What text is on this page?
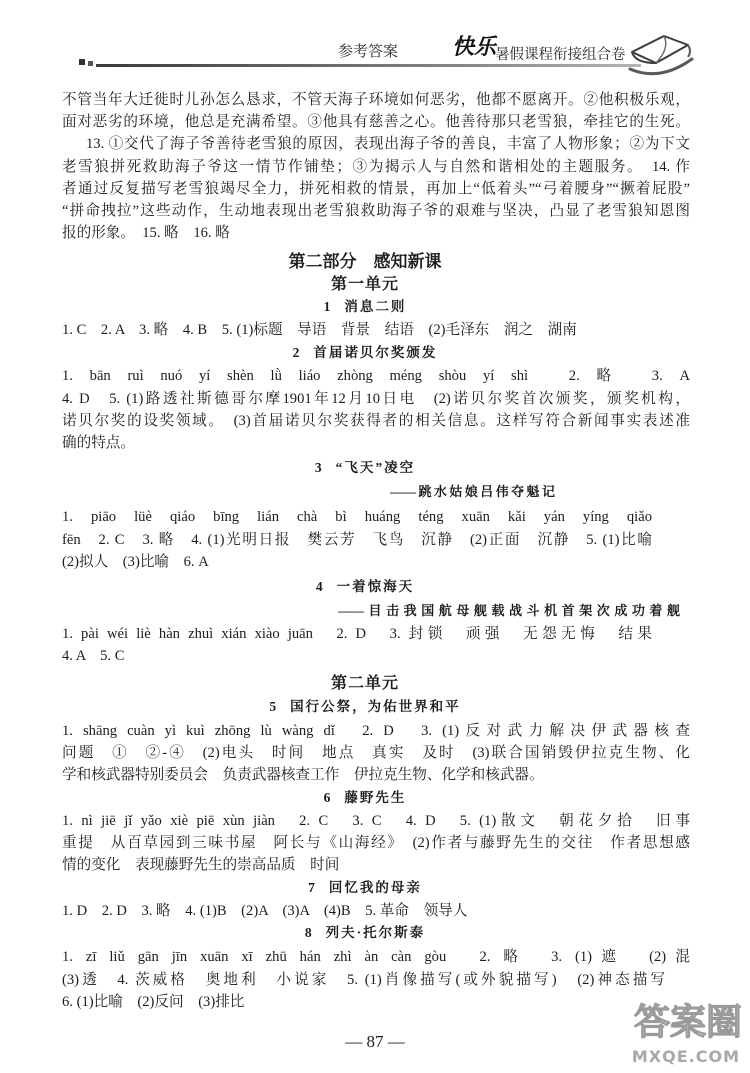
参考答案 快乐
暑假课程衔接组合卷
不管当年大迁徙时儿孙怎么恳求，不管天海子环境如何恶劣，他都不愿离开。②他积极乐观，
面对恶劣的环境，他总是充满希望。③他具有慈善之心。他善待那只老雪狼，牵挂它的生死。
13. ①交代了海子爷善待老雪狼的原因，表现出海子爷的善良，丰富了人物形象；②为下文
老雪狼拼死救助海子爷这一情节作铺垫；③为揭示人与自然和谐相处的主题服务。　14. 作
者通过反复描写老雪狼竭尽全力，拼死相救的情景，再加上“低着头”“弓着腰身”“撅着屁股”
“拼命拽拉”这些动作，生动地表现出老雪狼救助海子爷的艰难与坚决，凸显了老雪狼知恩图
报的形象。　15. 略　16. 略
第二部分　感知新课
第一单元
1 消息二则
1. C　2. A　3. 略　4. B　5. (1)标题　导语　背景　结语　(2)毛泽东　润之　湖南
2 首届诺贝尔奖颁发
1. bān ruì nuó yí shèn lǜ liáo zhòng méng shòu yí shì　2. 略　3. A
4. D　5. (1)路透社斯德哥尔摩1901年12月10日电　(2)诺贝尔奖首次颁奖，颁奖机构，
诺贝尔奖的设奖领域。　(3)首届诺贝尔奖获得者的相关信息。这样写符合新闻事实表述准
确的特点。
3 “飞天”凌空
——跳水姑娘吕伟夺魁记
1. piāo lüè qiáo bīng lián chà bì huáng téng xuān kǎi yán yíng qiǎo
fēn　2. C　3. 略　4. (1)光明日报　樊云芳　飞鸟　沉静　(2)正面　沉静　5. (1)比喻
(2)拟人　(3)比喻　6. A
4 一着惊海天
——目击我国航母舰载战斗机首架次成功着舰
1. pài wéi liè hàn zhuì xián xiào juān　2. D　3. 封锁　顽强　无怨无悔　结果
4. A　5. C
第二单元
5 国行公祭，为佑世界和平
1. shāng cuàn yì kuì zhōng lù wàng dǐ　2. D　3. (1)反对武力解决伊武器核查
问题　①　②-④　(2)电头　时间　地点　真实　及时　(3)联合国销毁伊拉克生物、化
学和核武器特别委员会　负责武器核查工作　伊拉克生物、化学和核武器。
6 藤野先生
1. nì jiē jǐ yǎo xiè piē xùn jiàn　2. C　3. C　4. D　5. (1)散文　朝花夕拾　旧事
重提　从百草园到三味书屋　阿长与《山海经》　(2)作者与藤野先生的交往　作者思想感
情的变化　表现藤野先生的崇高品质　时间
7 回忆我的母亲
1. D　2. D　3. 略　4. (1)B　(2)A　(3)A　(4)B　5. 革命　领导人
8 列夫·托尔斯泰
1. zī liǔ gān jīn xuān xī zhū hán zhì àn càn gòu　2. 略　3. (1)遮　(2)混
(3)透　4. 茨威格　奥地利　小说家　5. (1)肖像描写(或外貌描写)　(2)神态描写
6. (1)比喻　(2)反问　(3)排比
— 87 —	答案圈
MXQE.COM
